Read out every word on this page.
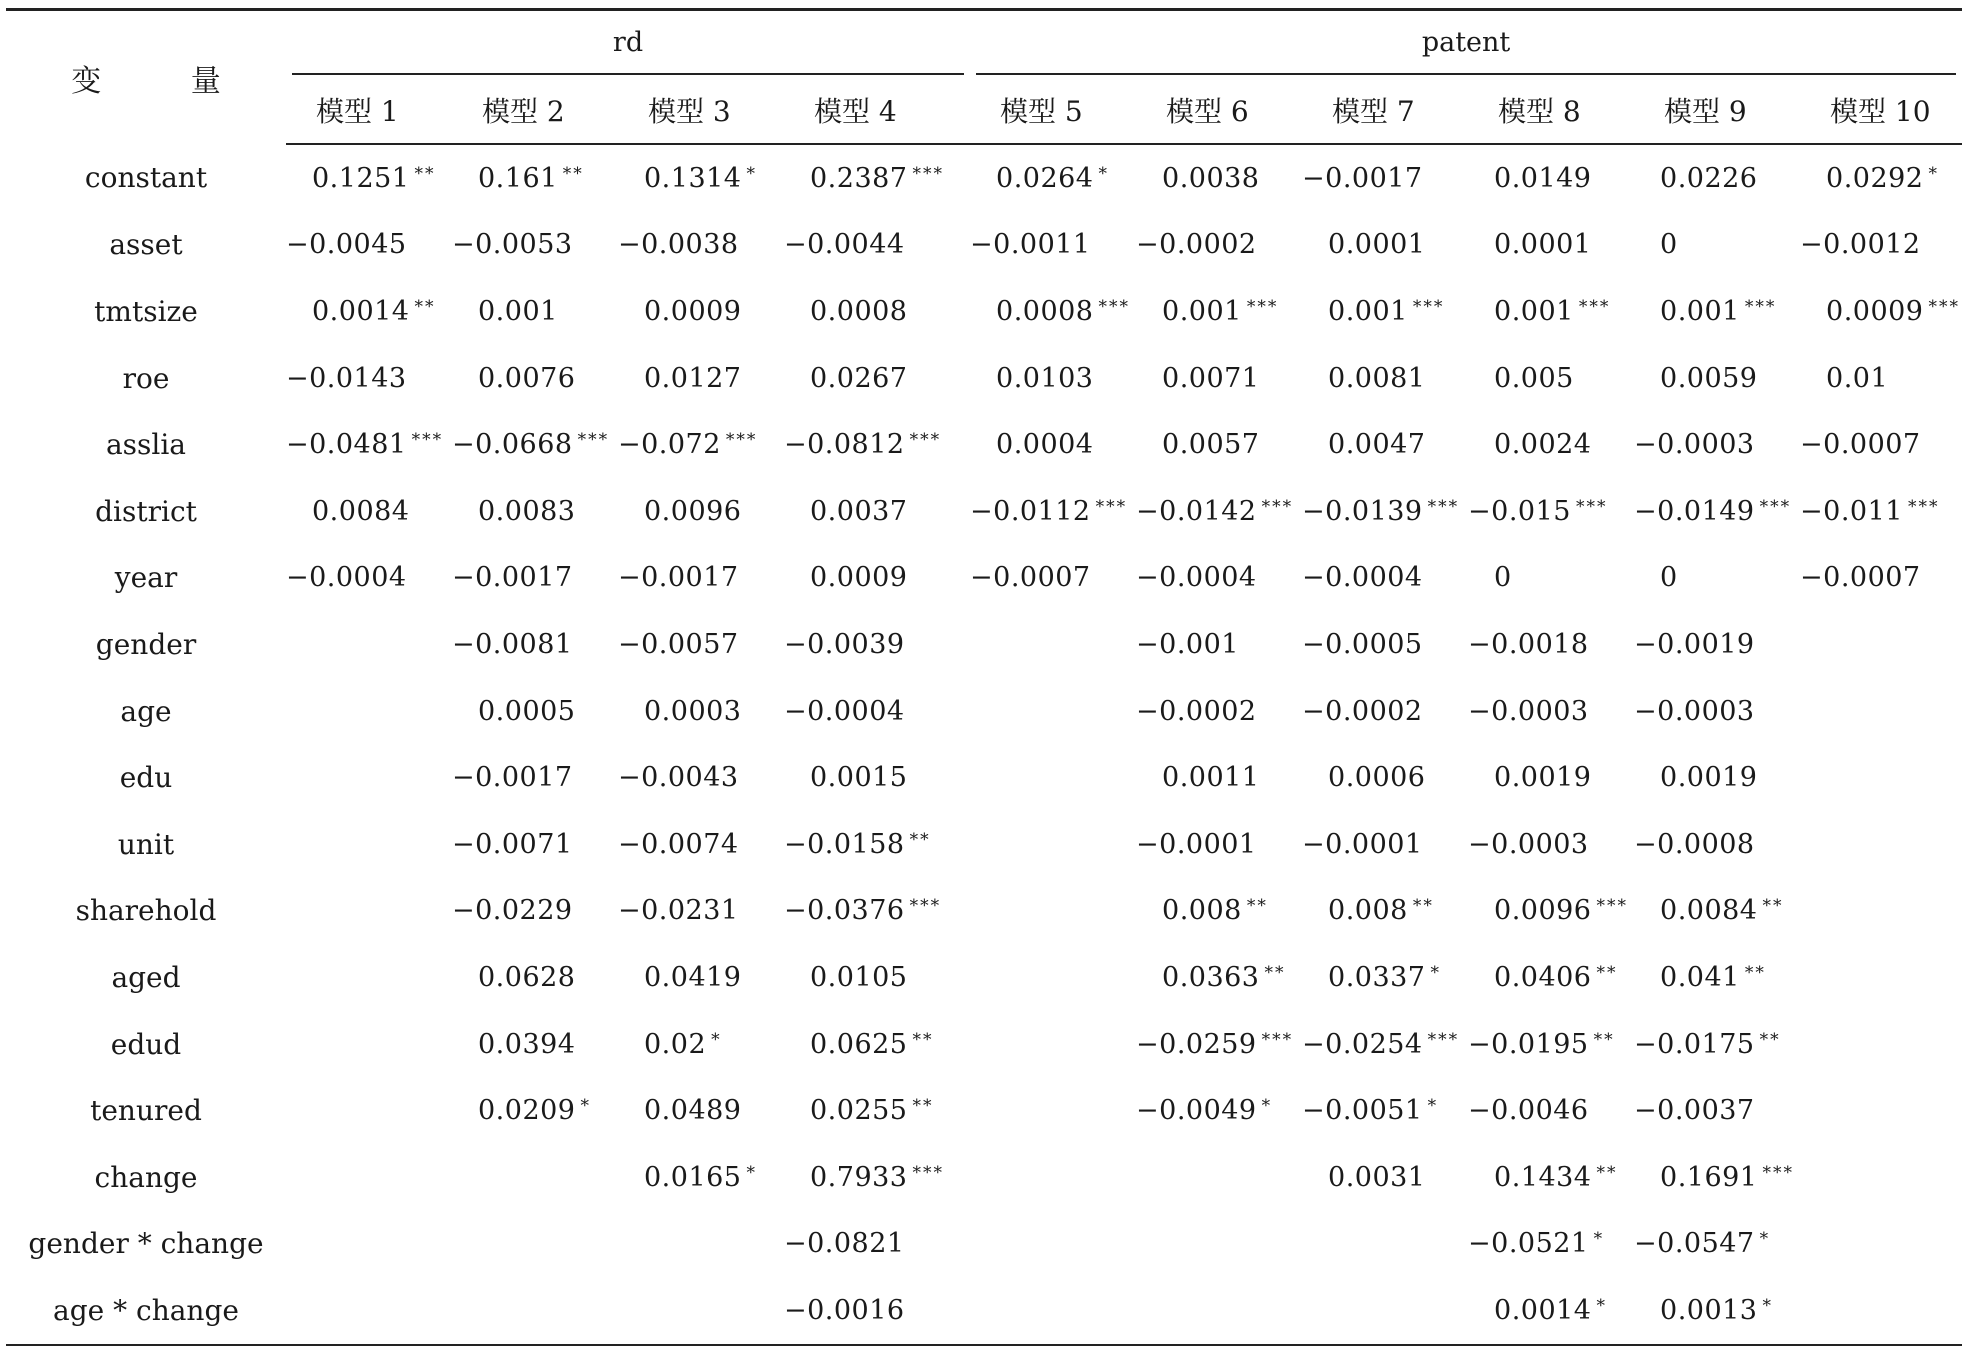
变 量	rd				patent					

	模型 1	模型 2	模型 3	模型 4	模型 5	模型 6	模型 7	模型 8	模型 9	模型 10
constant	0.1251 **	0.161 **	0.1314 *	0.2387 ***	0.0264 *	0.0038	−0.0017	0.0149	0.0226	0.0292 *
asset	−0.0045	−0.0053	−0.0038	−0.0044	−0.0011	−0.0002	0.0001	0.0001	0	−0.0012
tmtsize	0.0014 **	0.001	0.0009	0.0008	0.0008 ***	0.001 ***	0.001 ***	0.001 ***	0.001 ***	0.0009 ***
roe	−0.0143	0.0076	0.0127	0.0267	0.0103	0.0071	0.0081	0.005	0.0059	0.01
asslia	−0.0481 ***	−0.0668 ***	−0.072 ***	−0.0812 ***	0.0004	0.0057	0.0047	0.0024	−0.0003	−0.0007
district	0.0084	0.0083	0.0096	0.0037	−0.0112 ***	−0.0142 ***	−0.0139 ***	−0.015 ***	−0.0149 ***	−0.011 ***
year	−0.0004	−0.0017	−0.0017	0.0009	−0.0007	−0.0004	−0.0004	0	0	−0.0007
gender		−0.0081	−0.0057	−0.0039		−0.001	−0.0005	−0.0018	−0.0019	
age		0.0005	0.0003	−0.0004		−0.0002	−0.0002	−0.0003	−0.0003	
edu		−0.0017	−0.0043	0.0015		0.0011	0.0006	0.0019	0.0019	
unit		−0.0071	−0.0074	−0.0158 **		−0.0001	−0.0001	−0.0003	−0.0008	
sharehold		−0.0229	−0.0231	−0.0376 ***		0.008 **	0.008 **	0.0096 ***	0.0084 **	
aged		0.0628	0.0419	0.0105		0.0363 **	0.0337 *	0.0406 **	0.041 **	
edud		0.0394	0.02 *	0.0625 **		−0.0259 ***	−0.0254 ***	−0.0195 **	−0.0175 **	
tenured		0.0209 *	0.0489	0.0255 **		−0.0049 *	−0.0051 *	−0.0046	−0.0037	
change			0.0165 *	0.7933 ***			0.0031	0.1434 **	0.1691 ***	
gender * change				−0.0821				−0.0521 *	−0.0547 *	
age * change				−0.0016				0.0014 *	0.0013 *	
